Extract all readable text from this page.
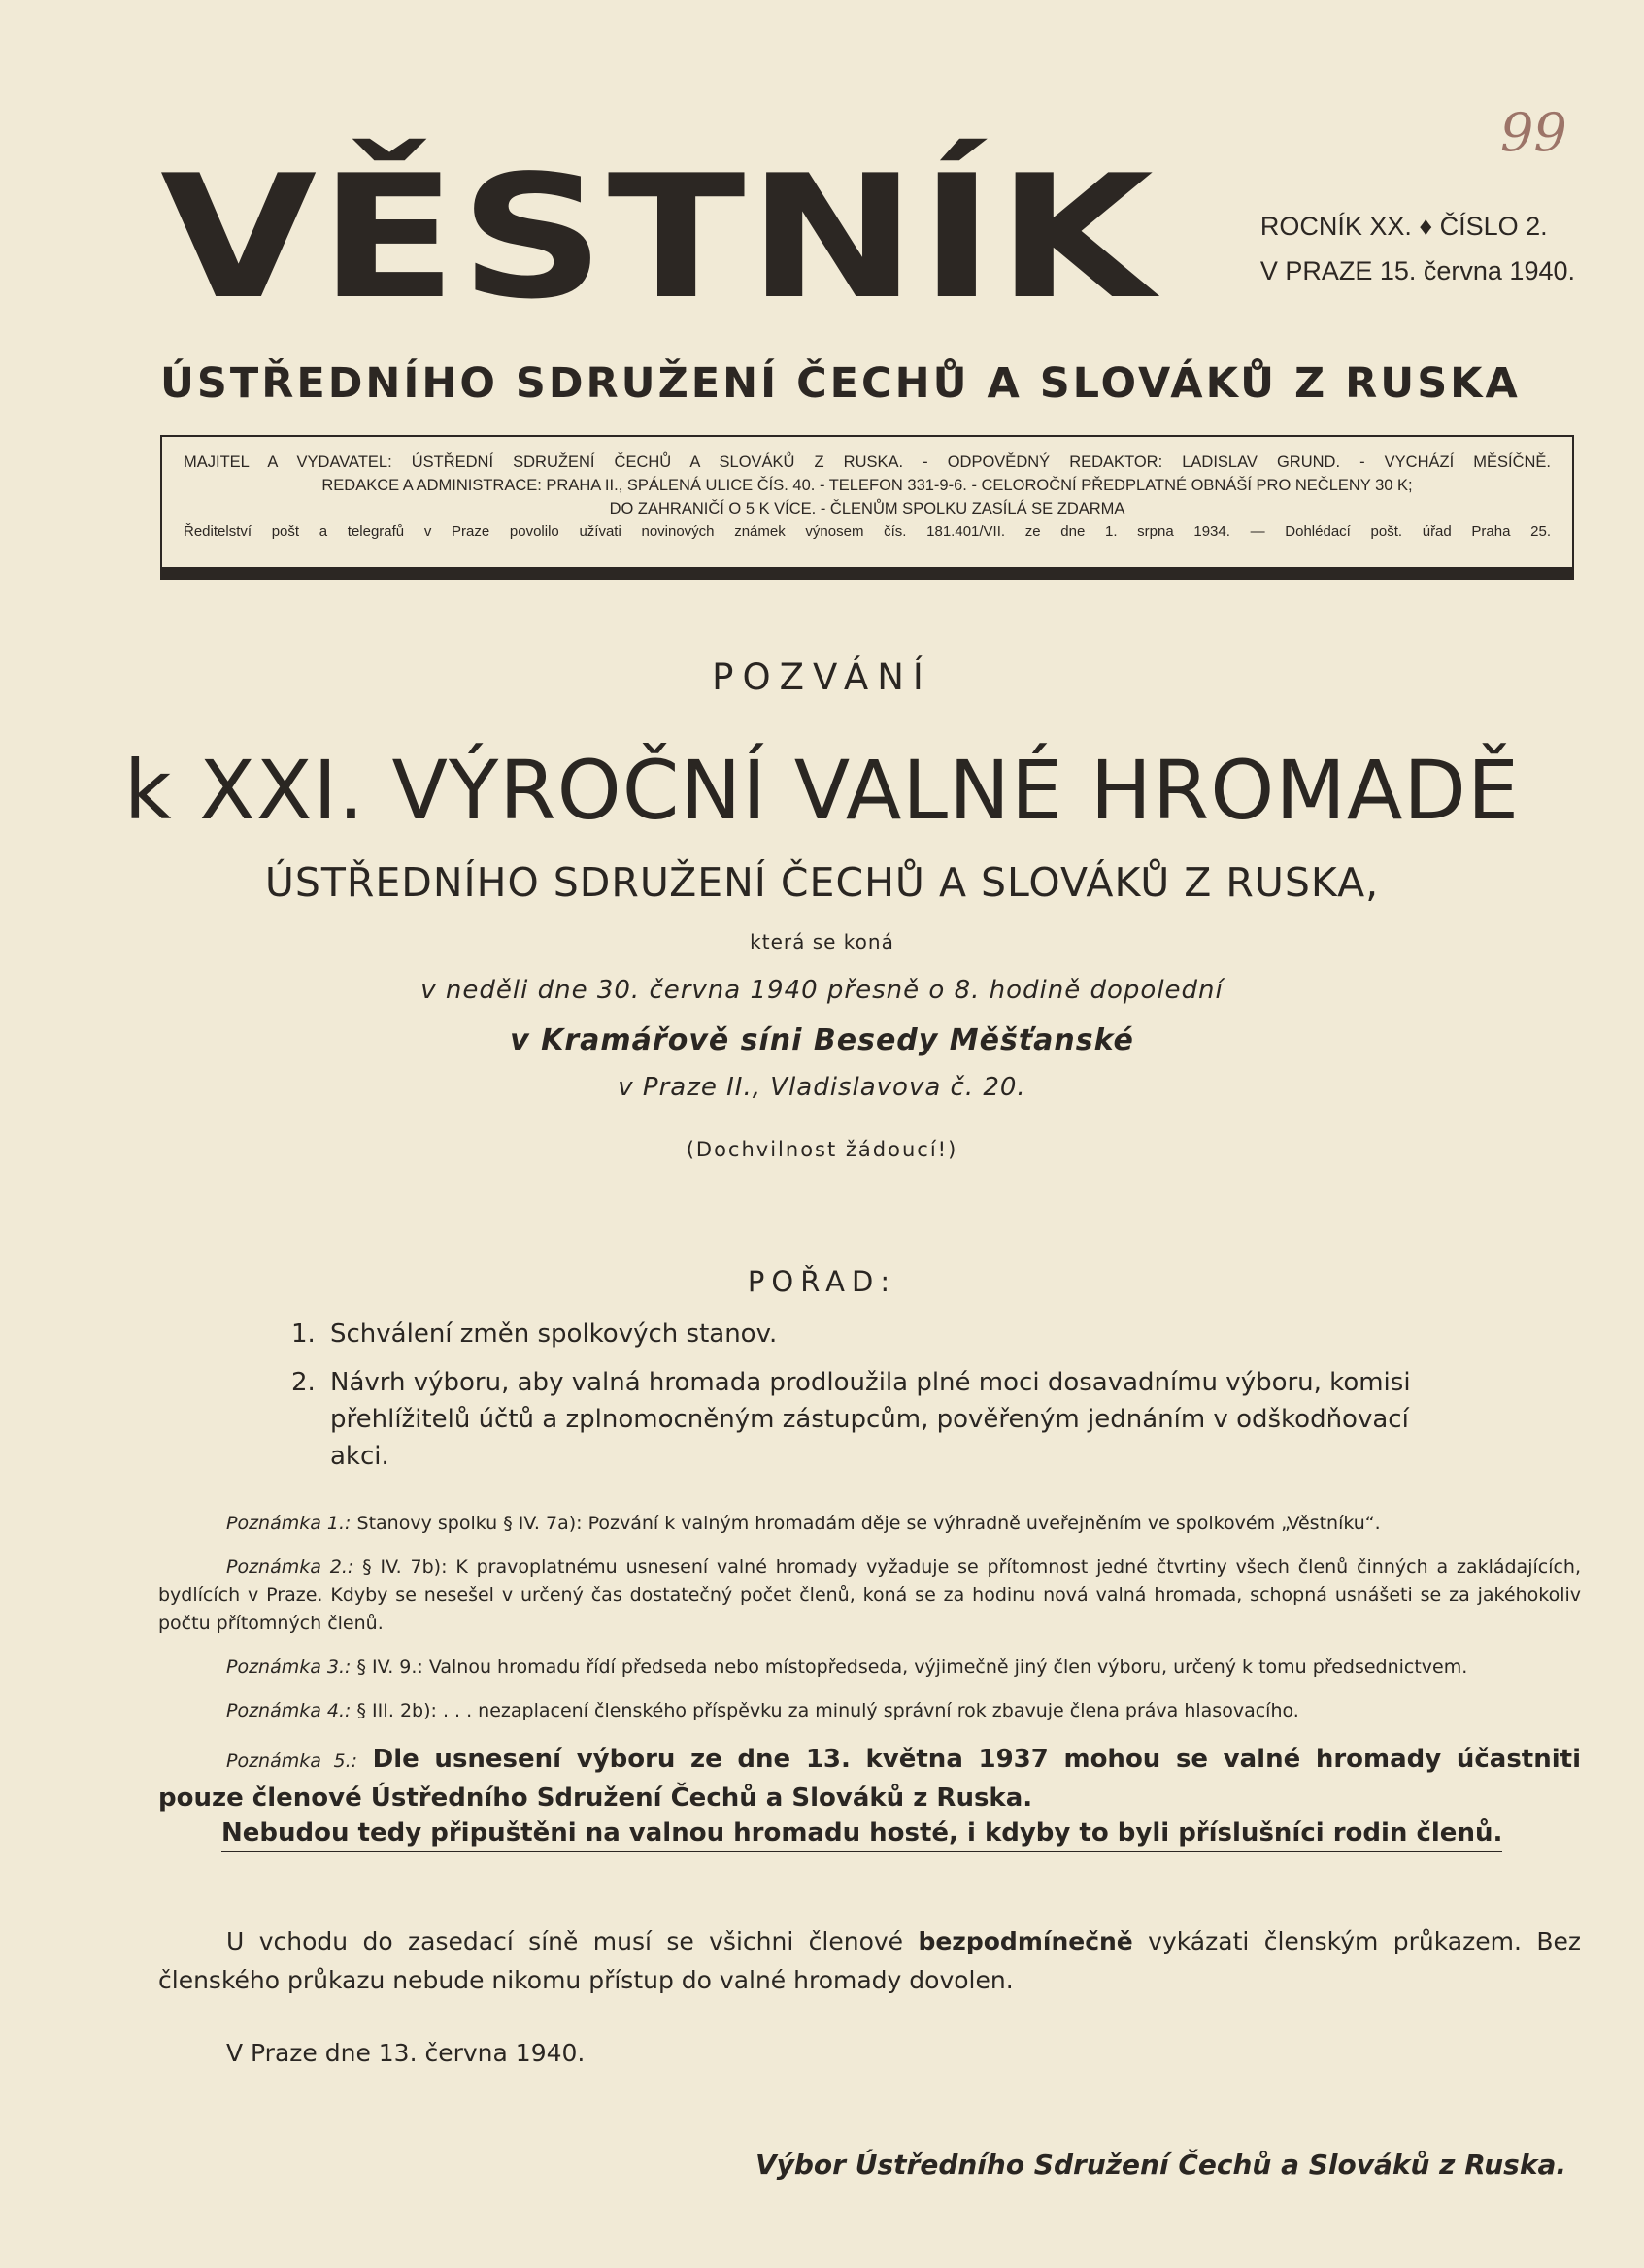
99
VĚSTNÍK	ROCNÍK XX. ♦ ČÍSLO 2.
V PRAZE 15. června 1940.
ÚSTŘEDNÍHO SDRUŽENÍ ČECHŮ A SLOVÁKŮ Z RUSKA
MAJITEL A VYDAVATEL: ÚSTŘEDNÍ SDRUŽENÍ ČECHŮ A SLOVÁKŮ Z RUSKA. - ODPOVĚDNÝ REDAKTOR: LADISLAV GRUND. - VYCHÁZÍ MĚSÍČNĚ.
REDAKCE A ADMINISTRACE: PRAHA II., SPÁLENÁ ULICE ČÍS. 40. - TELEFON 331-9-6. - CELOROČNÍ PŘEDPLATNÉ OBNÁŠÍ PRO NEČLENY 30 K;
DO ZAHRANIČÍ O 5 K VÍCE. - ČLENŮM SPOLKU ZASÍLÁ SE ZDARMA
Ředitelství pošt a telegrafů v Praze povolilo užívati novinových známek výnosem čís. 181.401/VII. ze dne 1. srpna 1934. — Dohlédací pošt. úřad Praha 25.
POZVÁNÍ
k XXI. VÝROČNÍ VALNÉ HROMADĚ
ÚSTŘEDNÍHO SDRUŽENÍ ČECHŮ A SLOVÁKŮ Z RUSKA,
která se koná
v neděli dne 30. června 1940 přesně o 8. hodině dopolední
v Kramářově síni Besedy Měšťanské
v Praze II., Vladislavova č. 20.
(Dochvilnost žádoucí!)
POŘAD:
1. Schválení změn spolkových stanov.
2. Návrh výboru, aby valná hromada prodloužila plné moci dosavadnímu výboru, komisi přehlížitelů účtů a zplnomocněným zástupcům, pověřeným jednáním v odškodňovací akci.
Poznámka 1.: Stanovy spolku § IV. 7a): Pozvání k valným hromadám děje se výhradně uveřejněním ve spolkovém „Věstníku“.
Poznámka 2.: § IV. 7b): K pravoplatnému usnesení valné hromady vyžaduje se přítomnost jedné čtvrtiny všech členů činných a zakládajících, bydlících v Praze. Kdyby se nesešel v určený čas dostatečný počet členů, koná se za hodinu nová valná hromada, schopná usnášeti se za jakéhokoliv počtu přítomných členů.
Poznámka 3.: § IV. 9.: Valnou hromadu řídí předseda nebo místopředseda, výjimečně jiný člen výboru, určený k tomu předsednictvem.
Poznámka 4.: § III. 2b): . . . nezaplacení členského příspěvku za minulý správní rok zbavuje člena práva hlasovacího.
Poznámka 5.: Dle usnesení výboru ze dne 13. května 1937 mohou se valné hromady účastniti pouze členové Ústředního Sdružení Čechů a Slováků z Ruska.
Nebudou tedy připuštěni na valnou hromadu hosté, i kdyby to byli příslušníci rodin členů.
U vchodu do zasedací síně musí se všichni členové bezpodmínečně vykázati členským průkazem. Bez členského průkazu nebude nikomu přístup do valné hromady dovolen.
V Praze dne 13. června 1940.
Výbor Ústředního Sdružení Čechů a Slováků z Ruska.
